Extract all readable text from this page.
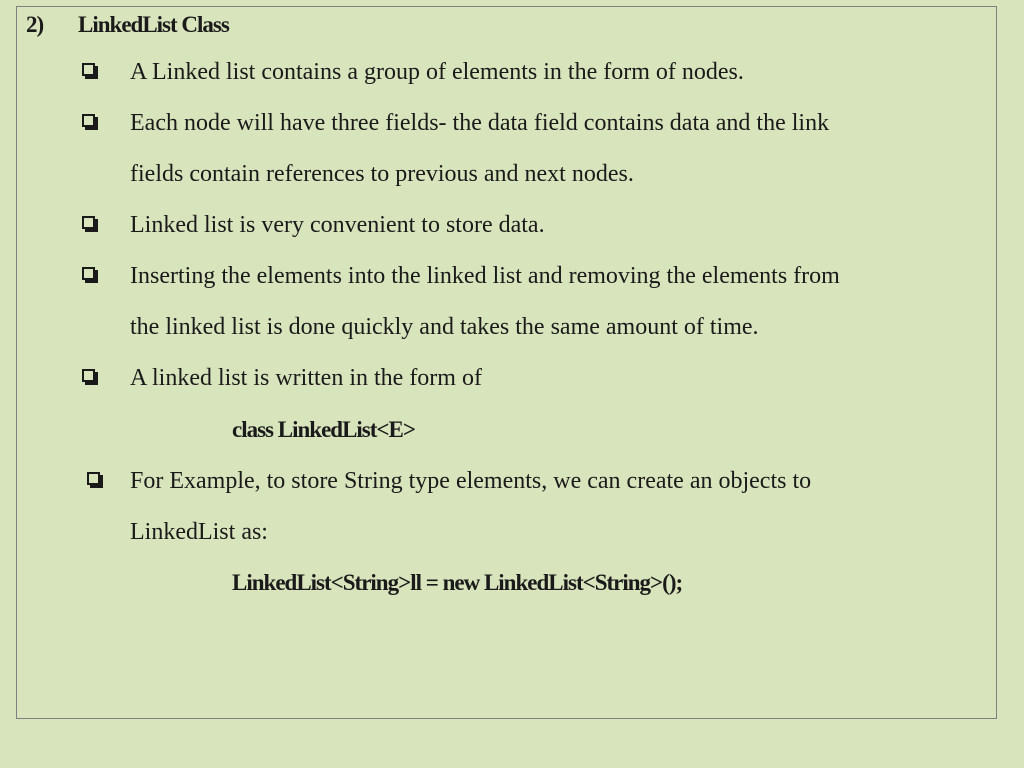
2) LinkedList Class
A Linked list contains a group of elements in the form of nodes.
Each node will have three fields- the data field contains data and the link
fields contain references to previous and next nodes.
Linked list is very convenient to store data.
Inserting the elements into the linked list and removing the elements from
the linked list is done quickly and takes the same amount of time.
A linked list is written in the form of
class LinkedList<E>
For Example, to store String type elements, we can create an objects to
LinkedList as:
LinkedList<String>ll = new LinkedList<String>();
